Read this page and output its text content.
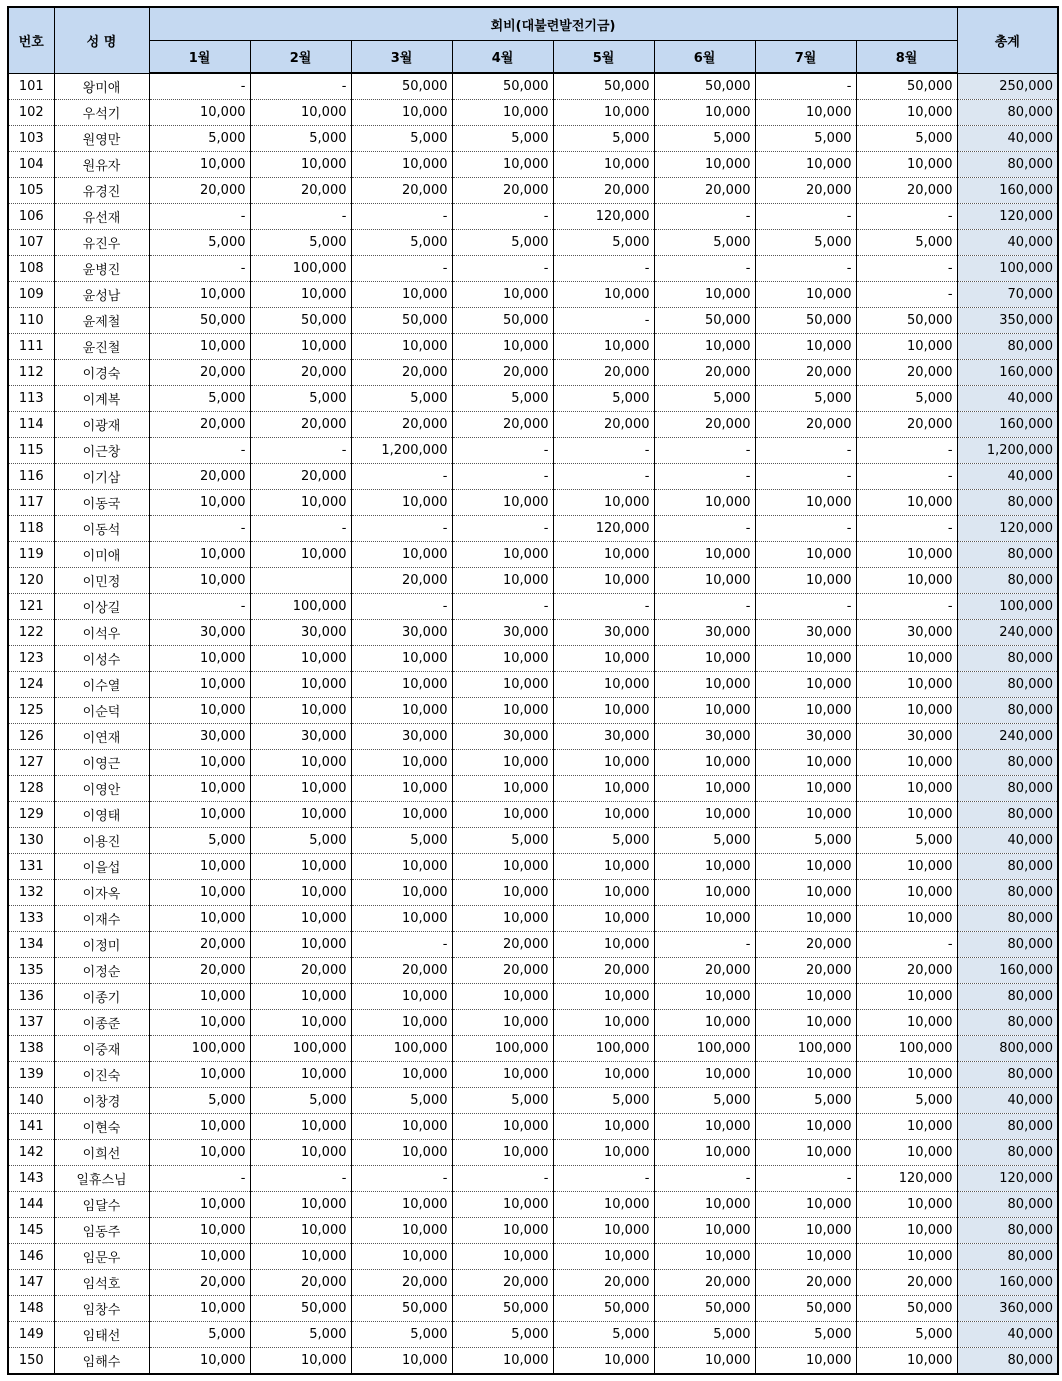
번호	성 명	회비(대불련발전기금)								총계
		1월	2월	3월	4월	5월	6월	7월	8월	
101	왕미애	-	-	50,000	50,000	50,000	50,000	-	50,000	250,000
102	우석기	10,000	10,000	10,000	10,000	10,000	10,000	10,000	10,000	80,000
103	원영만	5,000	5,000	5,000	5,000	5,000	5,000	5,000	5,000	40,000
104	원유자	10,000	10,000	10,000	10,000	10,000	10,000	10,000	10,000	80,000
105	유경진	20,000	20,000	20,000	20,000	20,000	20,000	20,000	20,000	160,000
106	유선재	-	-	-	-	120,000	-	-	-	120,000
107	유진우	5,000	5,000	5,000	5,000	5,000	5,000	5,000	5,000	40,000
108	윤병진	-	100,000	-	-	-	-	-	-	100,000
109	윤성남	10,000	10,000	10,000	10,000	10,000	10,000	10,000	-	70,000
110	윤제철	50,000	50,000	50,000	50,000	-	50,000	50,000	50,000	350,000
111	윤진철	10,000	10,000	10,000	10,000	10,000	10,000	10,000	10,000	80,000
112	이경숙	20,000	20,000	20,000	20,000	20,000	20,000	20,000	20,000	160,000
113	이계복	5,000	5,000	5,000	5,000	5,000	5,000	5,000	5,000	40,000
114	이광재	20,000	20,000	20,000	20,000	20,000	20,000	20,000	20,000	160,000
115	이근창	-	-	1,200,000	-	-	-	-	-	1,200,000
116	이기삼	20,000	20,000	-	-	-	-	-	-	40,000
117	이동국	10,000	10,000	10,000	10,000	10,000	10,000	10,000	10,000	80,000
118	이동석	-	-	-	-	120,000	-	-	-	120,000
119	이미애	10,000	10,000	10,000	10,000	10,000	10,000	10,000	10,000	80,000
120	이민정	10,000		20,000	10,000	10,000	10,000	10,000	10,000	80,000
121	이상길	-	100,000	-	-	-	-	-	-	100,000
122	이석우	30,000	30,000	30,000	30,000	30,000	30,000	30,000	30,000	240,000
123	이성수	10,000	10,000	10,000	10,000	10,000	10,000	10,000	10,000	80,000
124	이수열	10,000	10,000	10,000	10,000	10,000	10,000	10,000	10,000	80,000
125	이순덕	10,000	10,000	10,000	10,000	10,000	10,000	10,000	10,000	80,000
126	이연재	30,000	30,000	30,000	30,000	30,000	30,000	30,000	30,000	240,000
127	이영근	10,000	10,000	10,000	10,000	10,000	10,000	10,000	10,000	80,000
128	이영안	10,000	10,000	10,000	10,000	10,000	10,000	10,000	10,000	80,000
129	이영태	10,000	10,000	10,000	10,000	10,000	10,000	10,000	10,000	80,000
130	이용진	5,000	5,000	5,000	5,000	5,000	5,000	5,000	5,000	40,000
131	이을섭	10,000	10,000	10,000	10,000	10,000	10,000	10,000	10,000	80,000
132	이자옥	10,000	10,000	10,000	10,000	10,000	10,000	10,000	10,000	80,000
133	이재수	10,000	10,000	10,000	10,000	10,000	10,000	10,000	10,000	80,000
134	이정미	20,000	10,000	-	20,000	10,000	-	20,000	-	80,000
135	이정순	20,000	20,000	20,000	20,000	20,000	20,000	20,000	20,000	160,000
136	이종기	10,000	10,000	10,000	10,000	10,000	10,000	10,000	10,000	80,000
137	이종준	10,000	10,000	10,000	10,000	10,000	10,000	10,000	10,000	80,000
138	이중재	100,000	100,000	100,000	100,000	100,000	100,000	100,000	100,000	800,000
139	이진숙	10,000	10,000	10,000	10,000	10,000	10,000	10,000	10,000	80,000
140	이창경	5,000	5,000	5,000	5,000	5,000	5,000	5,000	5,000	40,000
141	이현숙	10,000	10,000	10,000	10,000	10,000	10,000	10,000	10,000	80,000
142	이희선	10,000	10,000	10,000	10,000	10,000	10,000	10,000	10,000	80,000
143	일휴스님	-	-	-	-	-	-	-	120,000	120,000
144	임달수	10,000	10,000	10,000	10,000	10,000	10,000	10,000	10,000	80,000
145	임동주	10,000	10,000	10,000	10,000	10,000	10,000	10,000	10,000	80,000
146	임문우	10,000	10,000	10,000	10,000	10,000	10,000	10,000	10,000	80,000
147	임석호	20,000	20,000	20,000	20,000	20,000	20,000	20,000	20,000	160,000
148	임창수	10,000	50,000	50,000	50,000	50,000	50,000	50,000	50,000	360,000
149	임태선	5,000	5,000	5,000	5,000	5,000	5,000	5,000	5,000	40,000
150	임해수	10,000	10,000	10,000	10,000	10,000	10,000	10,000	10,000	80,000
